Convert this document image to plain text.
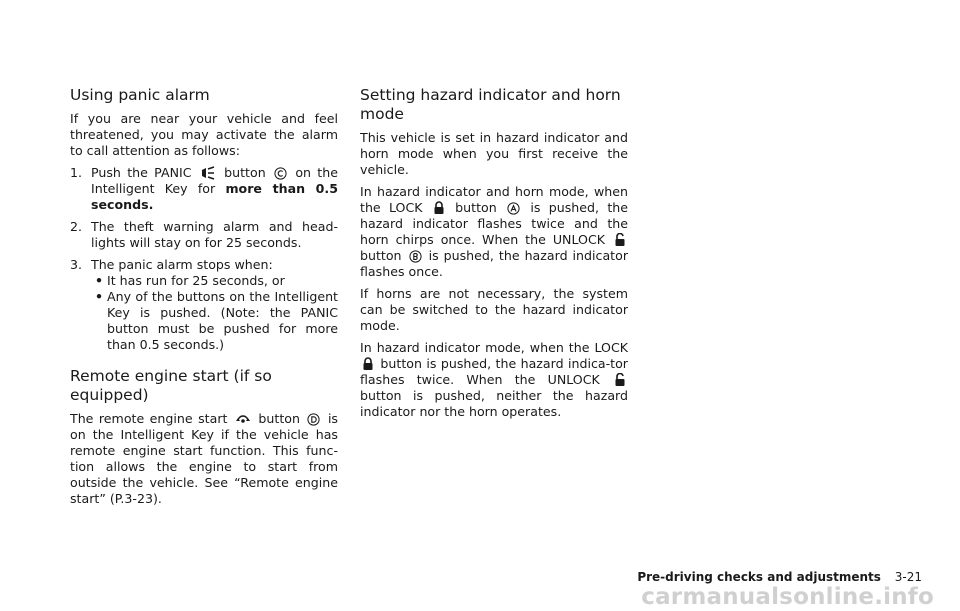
Using panic alarm

If you are near your vehicle and feel threatened, you may activate the alarm to call attention as follows:

1. Push the PANIC	button on the Intelligent Key for more than 0.5 seconds.
2. The theft warning alarm and head-lights will stay on for 25 seconds.
3. The panic alarm stops when:
• It has run for 25 seconds, or
• Any of the buttons on the Intelligent Key is pushed. (Note: the PANIC button must be pushed for more than 0.5 seconds.)
Remote engine start (if so equipped)

The remote engine start button is on the Intelligent Key if the vehicle has remote engine start function. This func-tion allows the engine to start from outside the vehicle. See “Remote engine start” (P.3-23).

Setting hazard indicator and horn mode

This vehicle is set in hazard indicator and horn mode when you first receive the vehicle.

In hazard indicator and horn mode, when the LOCK	button	is pushed, the hazard indicator flashes twice and the horn chirps once. When the UNLOCK  button is pushed, the hazard indicator flashes once.

If horns are not necessary, the system can be switched to the hazard indicator mode.

In hazard indicator mode, when the LOCK  button is pushed, the hazard indica-tor flashes twice. When the UNLOCK  button is pushed, neither the hazard indicator nor the horn operates.

Pre-driving checks and adjustments 3-21
carmanualsonline.info
